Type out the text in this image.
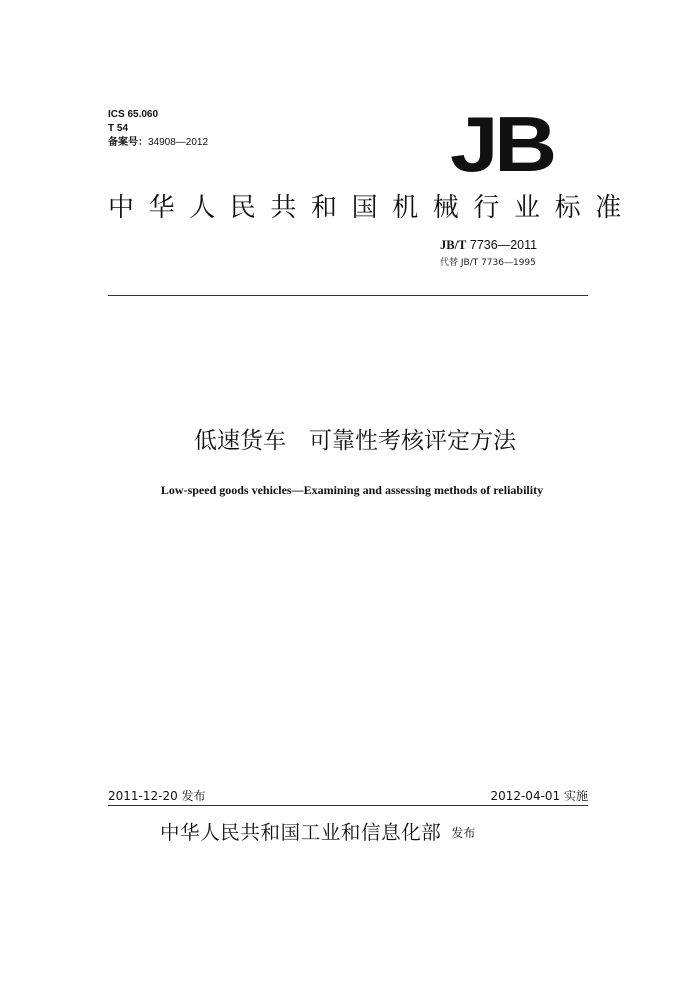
ICS 65.060
T 54
备案号：34908—2012	JB
中华人民共和国机械行业标准
JB/T 7736—2011
代替 JB/T 7736—1995
低速货车　可靠性考核评定方法
Low-speed goods vehicles—Examining and assessing methods of reliability
2011-12-20 发布	2012-04-01 实施
中华人民共和国工业和信息化部 发布
